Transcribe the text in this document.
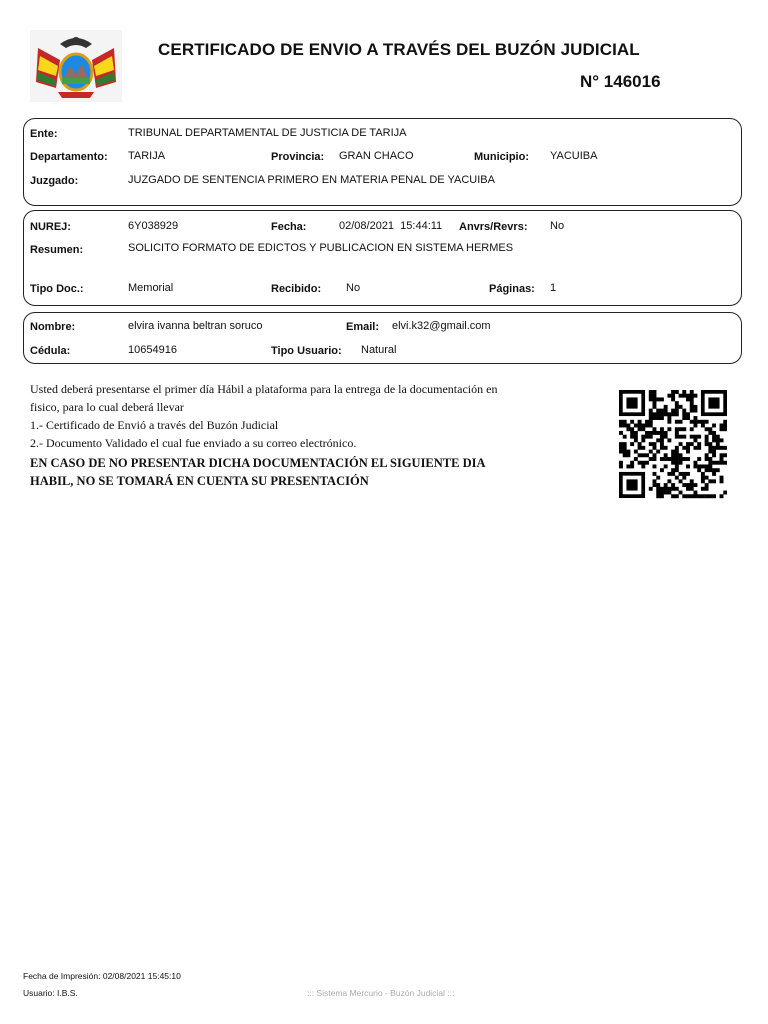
CERTIFICADO DE ENVIO A TRAVÉS DEL BUZÓN JUDICIAL
N° 146016
Ente:	TRIBUNAL DEPARTAMENTAL DE JUSTICIA DE TARIJA
Departamento: TARIJA	Provincia: GRAN CHACO	Municipio: YACUIBA
Juzgado:	JUZGADO DE SENTENCIA PRIMERO EN MATERIA PENAL DE YACUIBA
NUREJ:	6Y038929	Fecha:	02/08/2021  15:44:11 Anvrs/Revrs: No
Resumen:	SOLICITO FORMATO DE EDICTOS Y PUBLICACION EN SISTEMA HERMES
Tipo Doc.:	Memorial	Recibido: No	Páginas: 1
Nombre:	elvira ivanna beltran soruco	Email: elvi.k32@gmail.com
Cédula:	10654916	Tipo Usuario: Natural
Usted deberá presentarse el primer día Hábil a plataforma para la entrega de la documentación en
fisico, para lo cual deberá llevar
1.- Certificado de Envió a través del Buzón Judicial
2.- Documento Validado el cual fue enviado a su correo electrónico.
EN CASO DE NO PRESENTAR DICHA DOCUMENTACIÓN EL SIGUIENTE DIA
HABIL, NO SE TOMARÁ EN CUENTA SU PRESENTACIÓN
Fecha de Impresión: 02/08/2021 15:45:10
Usuario: I.B.S.	::: Sistema Mercurio - Buzón Judicial :::
